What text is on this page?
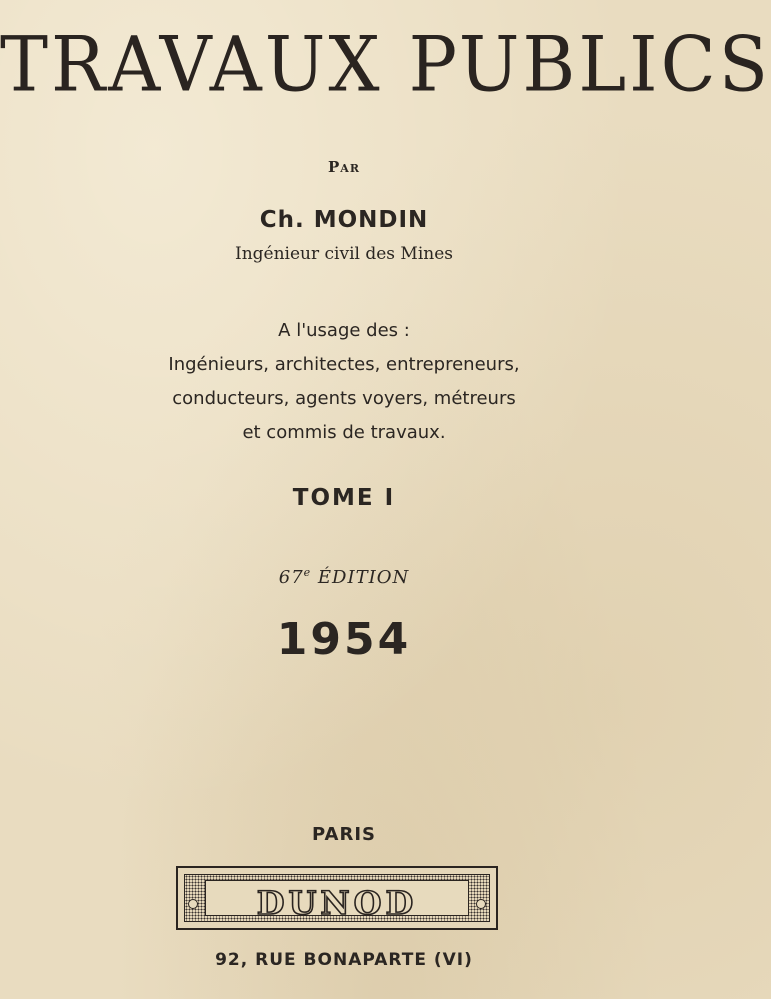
TRAVAUX PUBLICS
Par
Ch. MONDIN
Ingénieur civil des Mines
A l'usage des :
Ingénieurs, architectes, entrepreneurs,
conducteurs, agents voyers, métreurs
et commis de travaux.
TOME I
67e ÉDITION
1954
PARIS
DUNOD
92, RUE BONAPARTE (VI)
